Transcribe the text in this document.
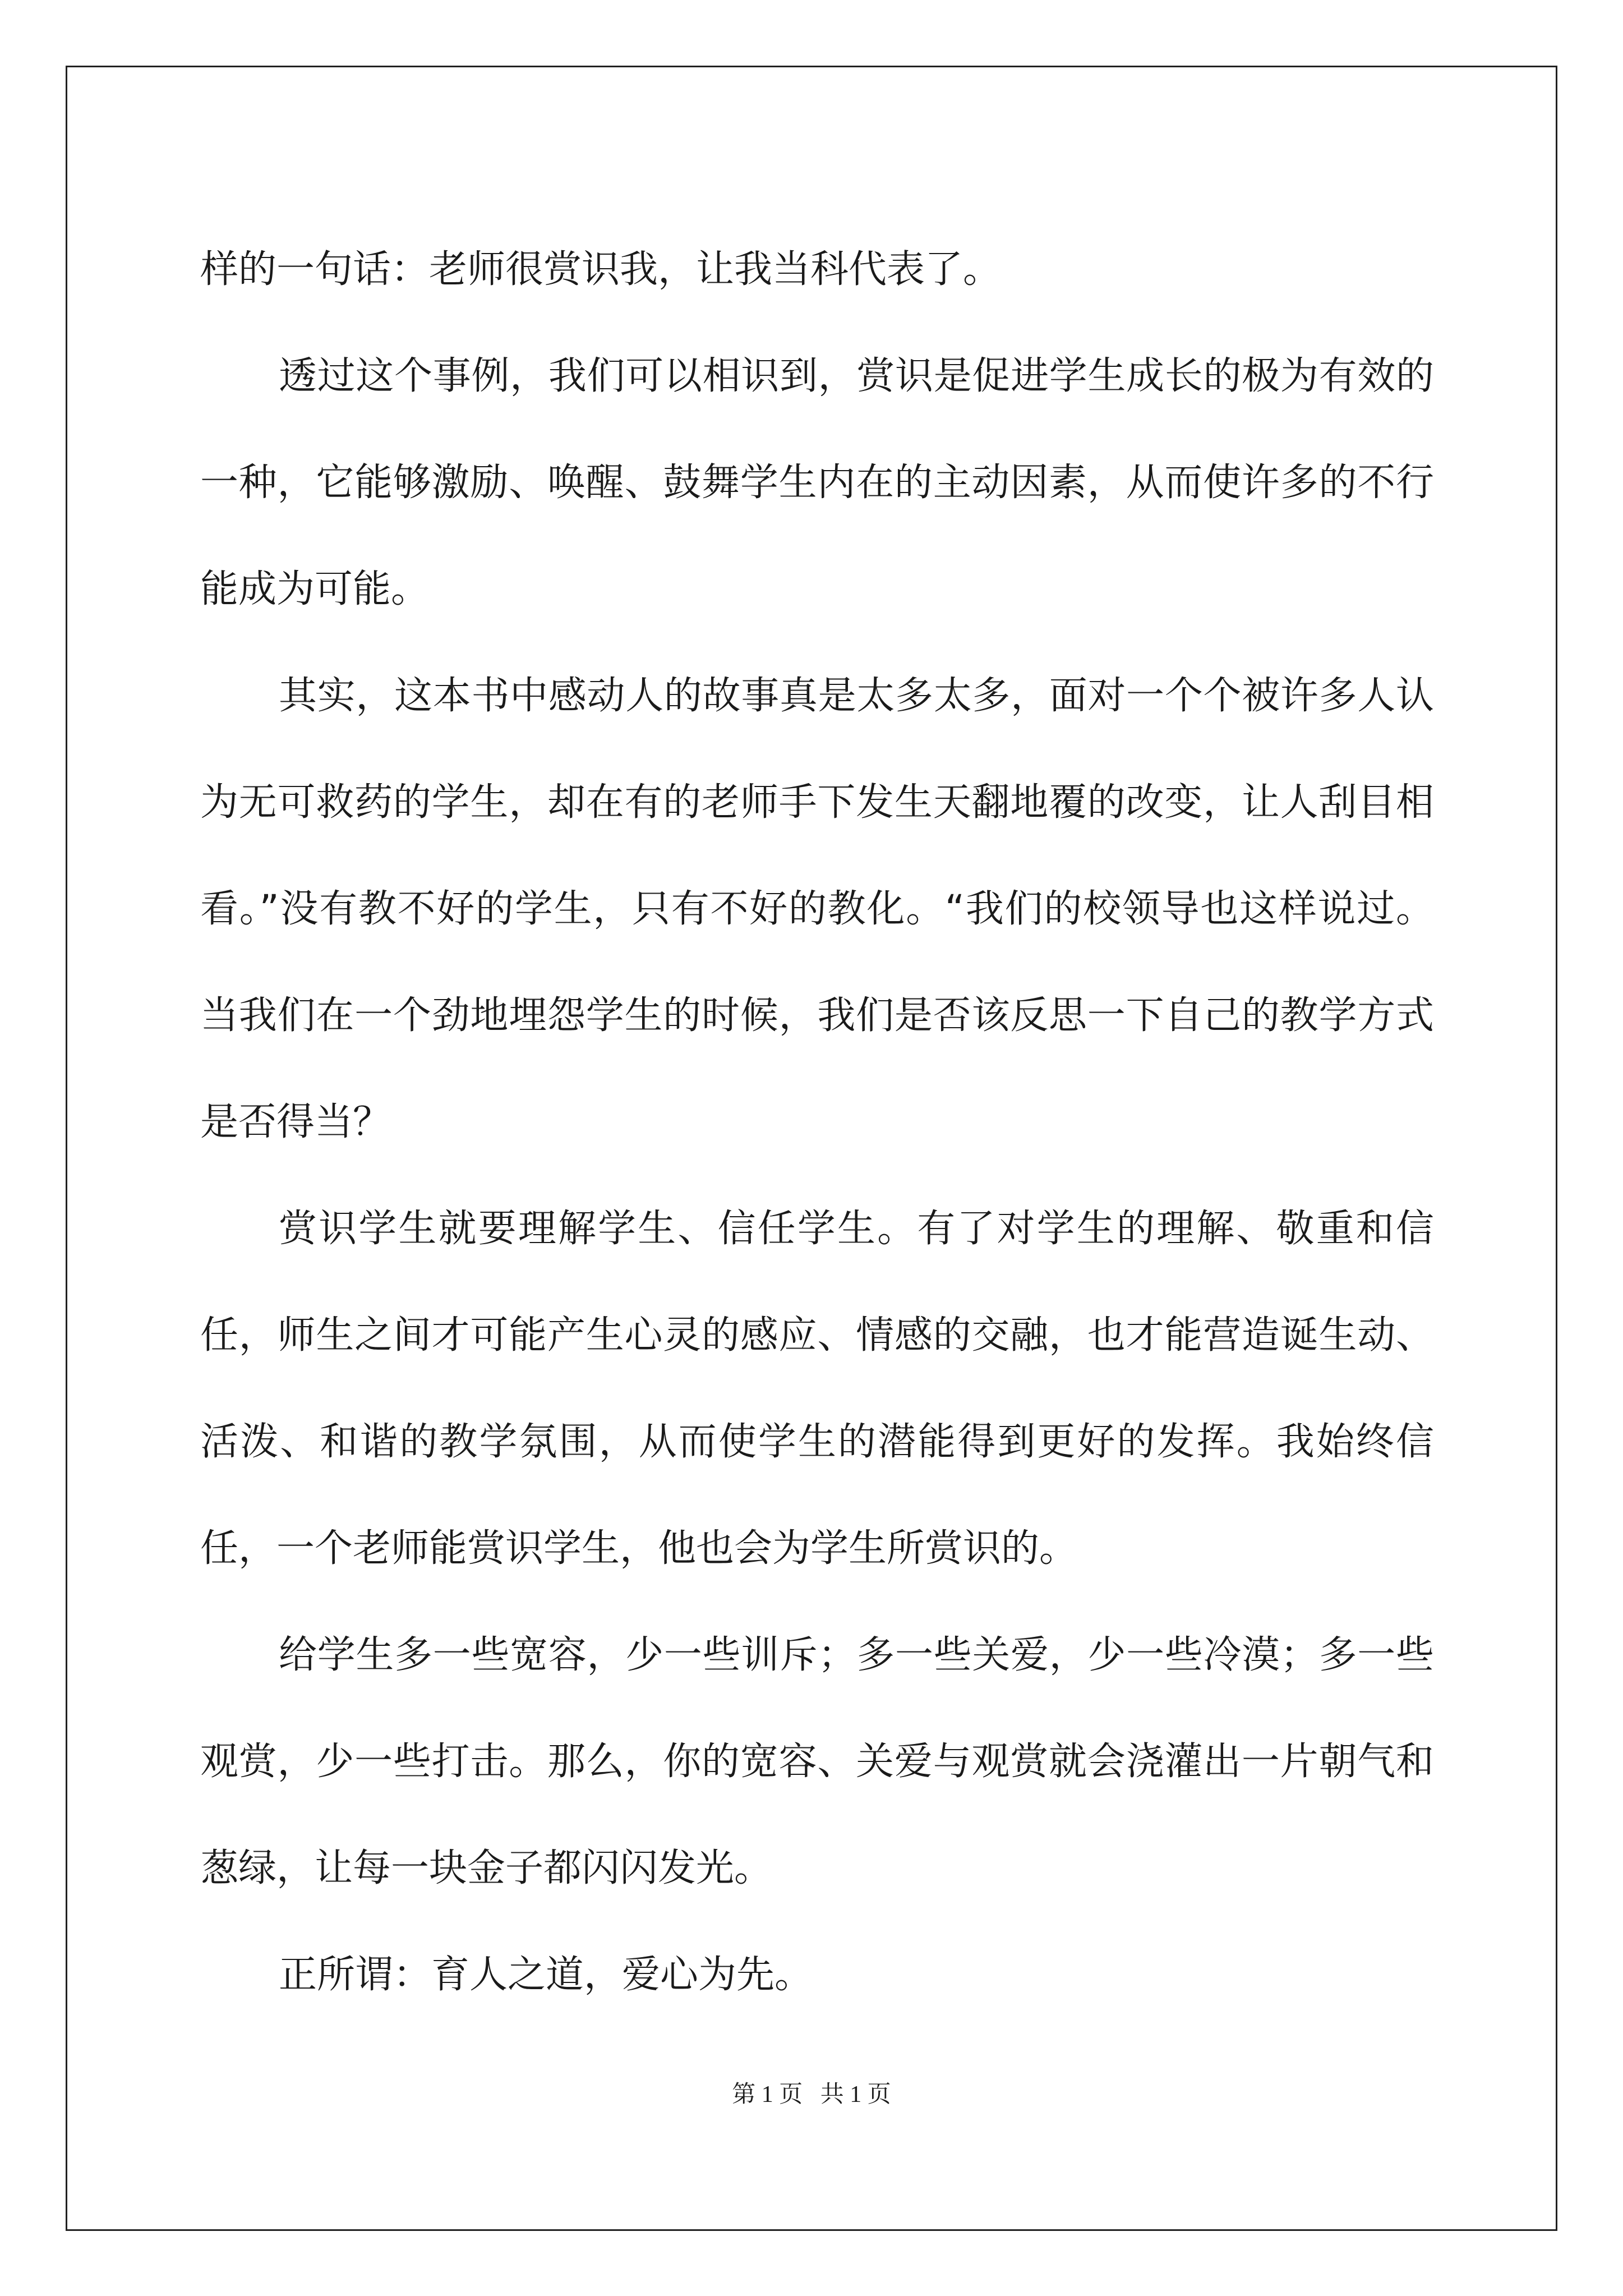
样的一句话：老师很赏识我，让我当科代表了。

透过这个事例，我们可以相识到，赏识是促进学生成长的极为有效的一种，它能够激励、唤醒、鼓舞学生内在的主动因素，从而使许多的不行能成为可能。

其实，这本书中感动人的故事真是太多太多，面对一个个被许多人认为无可救药的学生，却在有的老师手下发生天翻地覆的改变，让人刮目相看。”没有教不好的学生，只有不好的教化。“我们的校领导也这样说过。当我们在一个劲地埋怨学生的时候，我们是否该反思一下自己的教学方式是否得当？

赏识学生就要理解学生、信任学生。有了对学生的理解、敬重和信任，师生之间才可能产生心灵的感应、情感的交融，也才能营造诞生动、活泼、和谐的教学氛围，从而使学生的潜能得到更好的发挥。我始终信任，一个老师能赏识学生，他也会为学生所赏识的。

给学生多一些宽容，少一些训斥；多一些关爱，少一些冷漠；多一些观赏，少一些打击。那么，你的宽容、关爱与观赏就会浇灌出一片朝气和葱绿，让每一块金子都闪闪发光。

正所谓：育人之道，爱心为先。

第 1 页   共 1 页
